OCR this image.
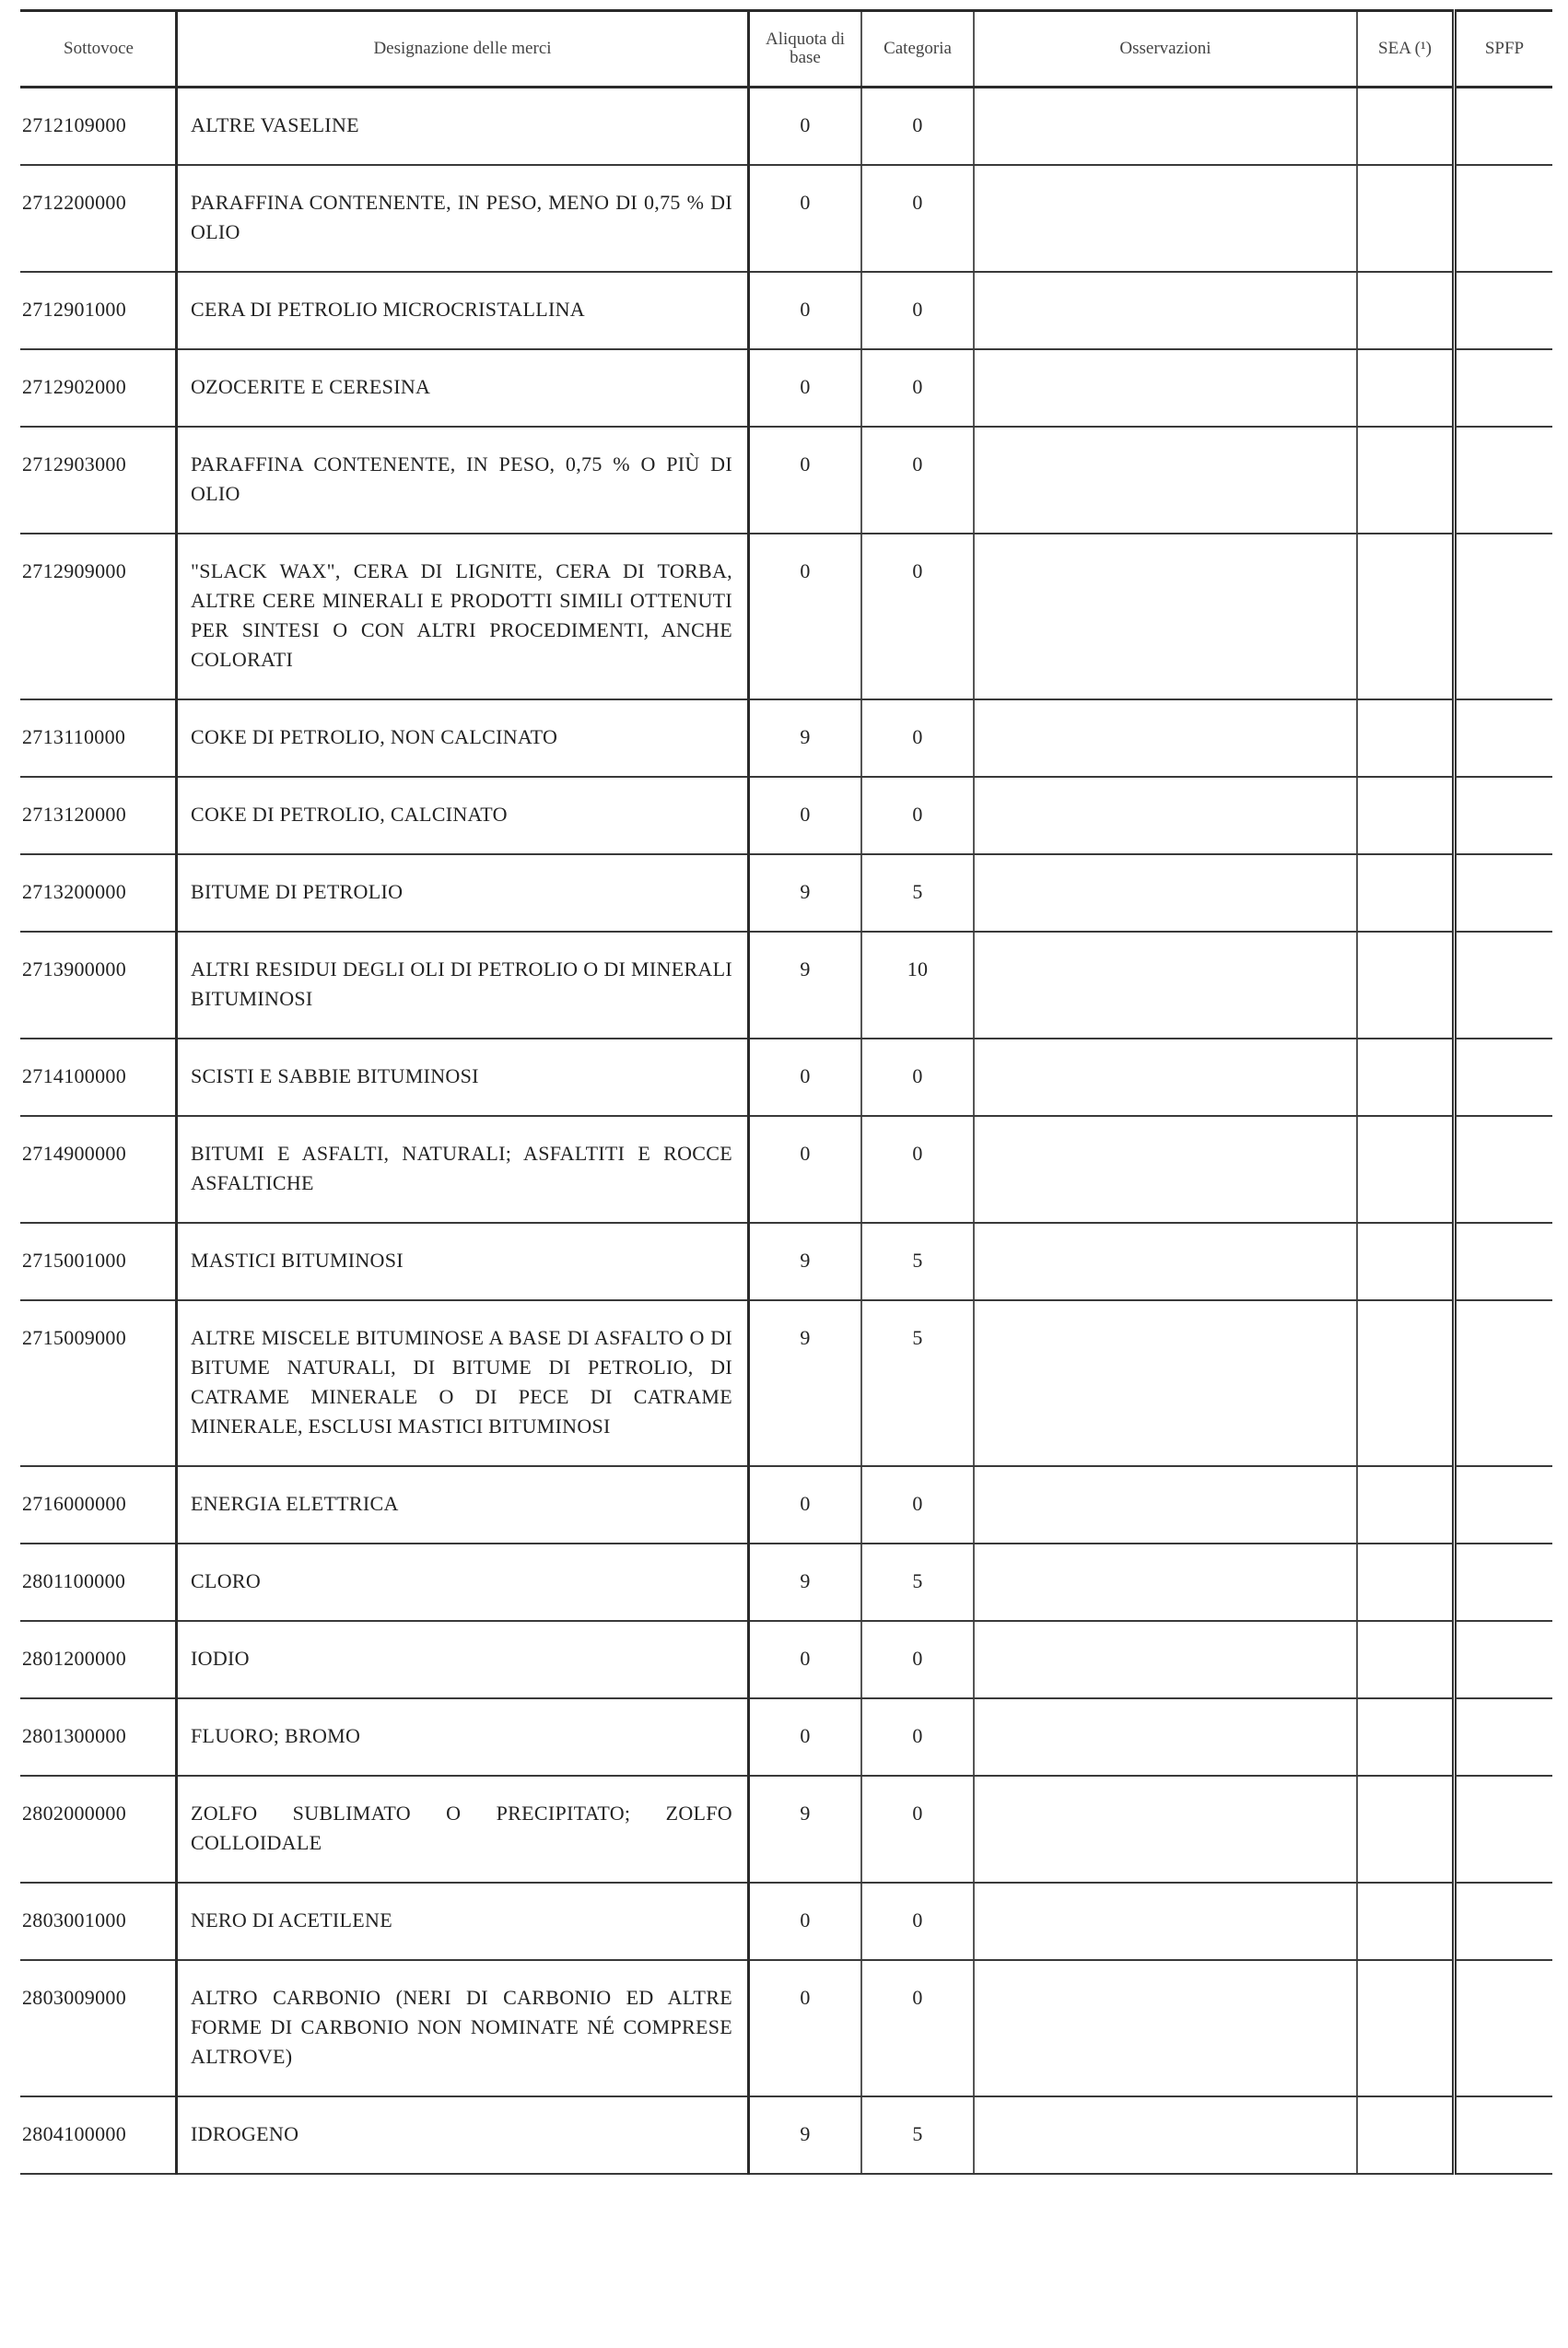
Sottovoce	Designazione delle merci	Aliquota di base	Categoria	Osservazioni	SEA (¹)	SPFP

2712109000	ALTRE VASELINE	0	0			

2712200000	PARAFFINA CONTENENTE, IN PESO, MENO DI 0,75 % DI OLIO	0	0			

2712901000	CERA DI PETROLIO MICROCRISTALLINA	0	0			

2712902000	OZOCERITE E CERESINA	0	0			

2712903000	PARAFFINA CONTENENTE, IN PESO, 0,75 % O PIÙ DI OLIO	0	0			

2712909000	"SLACK WAX", CERA DI LIGNITE, CERA DI TORBA, ALTRE CERE MINERALI E PRODOTTI SIMILI OTTENUTI PER SINTESI O CON ALTRI PROCEDIMENTI, ANCHE COLORATI	0	0			

2713110000	COKE DI PETROLIO, NON CALCINATO	9	0			

2713120000	COKE DI PETROLIO, CALCINATO	0	0			

2713200000	BITUME DI PETROLIO	9	5			

2713900000	ALTRI RESIDUI DEGLI OLI DI PETROLIO O DI MINERALI BITUMINOSI	9	10			

2714100000	SCISTI E SABBIE BITUMINOSI	0	0			

2714900000	BITUMI E ASFALTI, NATURALI; ASFALTITI E ROCCE ASFALTICHE	0	0			

2715001000	MASTICI BITUMINOSI	9	5			

2715009000	ALTRE MISCELE BITUMINOSE A BASE DI ASFALTO O DI BITUME NATURALI, DI BITUME DI PETROLIO, DI CATRAME MINERALE O DI PECE DI CATRAME MINERALE, ESCLUSI MASTICI BITUMINOSI	9	5			

2716000000	ENERGIA ELETTRICA	0	0			

2801100000	CLORO	9	5			

2801200000	IODIO	0	0			

2801300000	FLUORO; BROMO	0	0			

2802000000	ZOLFO SUBLIMATO O PRECIPITATO; ZOLFO COLLOIDALE	9	0			

2803001000	NERO DI ACETILENE	0	0			

2803009000	ALTRO CARBONIO (NERI DI CARBONIO ED ALTRE FORME DI CARBONIO NON NOMINATE NÉ COMPRESE ALTROVE)	0	0			

2804100000	IDROGENO	9	5			
